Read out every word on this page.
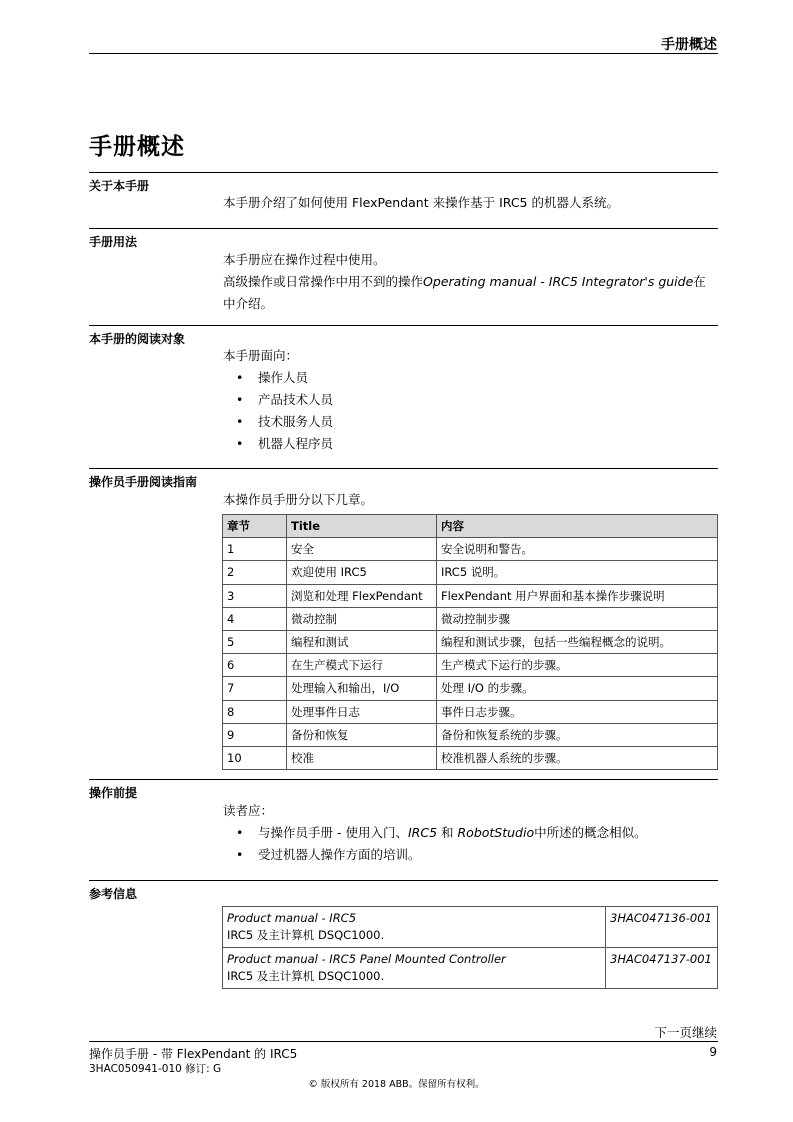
手册概述
手册概述
关于本手册
本手册介绍了如何使用 FlexPendant 来操作基于 IRC5 的机器人系统。
手册用法
本手册应在操作过程中使用。
高级操作或日常操作中用不到的操作Operating manual - IRC5 Integrator's guide在
中介绍。
本手册的阅读对象
本手册面向：
• 操作人员
• 产品技术人员
• 技术服务人员
• 机器人程序员
操作员手册阅读指南
本操作员手册分以下几章。
章节	Title	内容
1	安全	安全说明和警告。
2	欢迎使用 IRC5	IRC5 说明。
3	浏览和处理 FlexPendant	FlexPendant 用户界面和基本操作步骤说明
4	微动控制	微动控制步骤
5	编程和测试	编程和测试步骤，包括一些编程概念的说明。
6	在生产模式下运行	生产模式下运行的步骤。
7	处理输入和输出，I/O	处理 I/O 的步骤。
8	处理事件日志	事件日志步骤。
9	备份和恢复	备份和恢复系统的步骤。
10	校准	校准机器人系统的步骤。
操作前提
读者应：
• 与操作员手册 - 使用入门、IRC5 和 RobotStudio中所述的概念相似。
• 受过机器人操作方面的培训。
参考信息
Product manual - IRC5
IRC5 及主计算机 DSQC1000.	3HAC047136-001
Product manual - IRC5 Panel Mounted Controller
IRC5 及主计算机 DSQC1000.	3HAC047137-001
下一页继续
操作员手册 - 带 FlexPendant 的 IRC5	9
3HAC050941-010 修订: G
© 版权所有 2018 ABB。保留所有权利。
